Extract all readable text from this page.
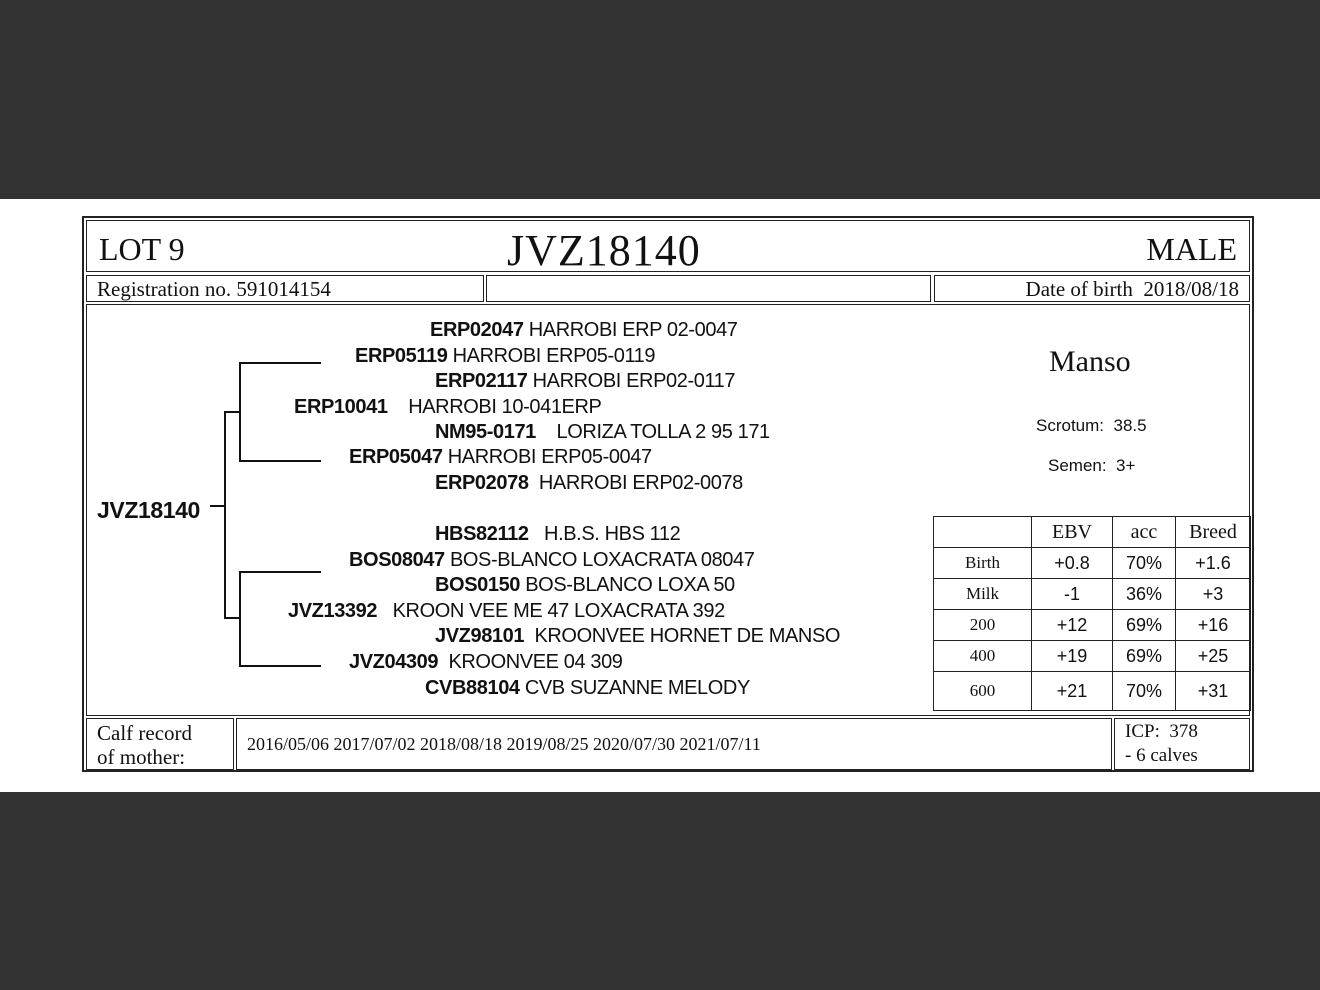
LOT 9	JVZ18140	MALE
Registration no. 591014154	Date of birth 2018/08/18
JVZ18140
ERP02047 HARROBI ERP 02-0047
ERP05119 HARROBI ERP05-0119
ERP02117 HARROBI ERP02-0117
ERP10041 HARROBI 10-041ERP
NM95-0171 LORIZA TOLLA 2 95 171
ERP05047 HARROBI ERP05-0047
ERP02078 HARROBI ERP02-0078
HBS82112 H.B.S. HBS 112
BOS08047 BOS-BLANCO LOXACRATA 08047
BOS0150 BOS-BLANCO LOXA 50
JVZ13392 KROON VEE ME 47 LOXACRATA 392
JVZ98101 KROONVEE HORNET DE MANSO
JVZ04309 KROONVEE 04 309
CVB88104 CVB SUZANNE MELODY
Manso
Scrotum: 38.5
Semen: 3+
	EBV	acc	Breed
Birth	+0.8	70%	+1.6
Milk	-1	36%	+3
200	+12	69%	+16
400	+19	69%	+25
600	+21	70%	+31
Calf record
of mother:
2016/05/06 2017/07/02 2018/08/18 2019/08/25 2020/07/30 2021/07/11
ICP: 378
- 6 calves
